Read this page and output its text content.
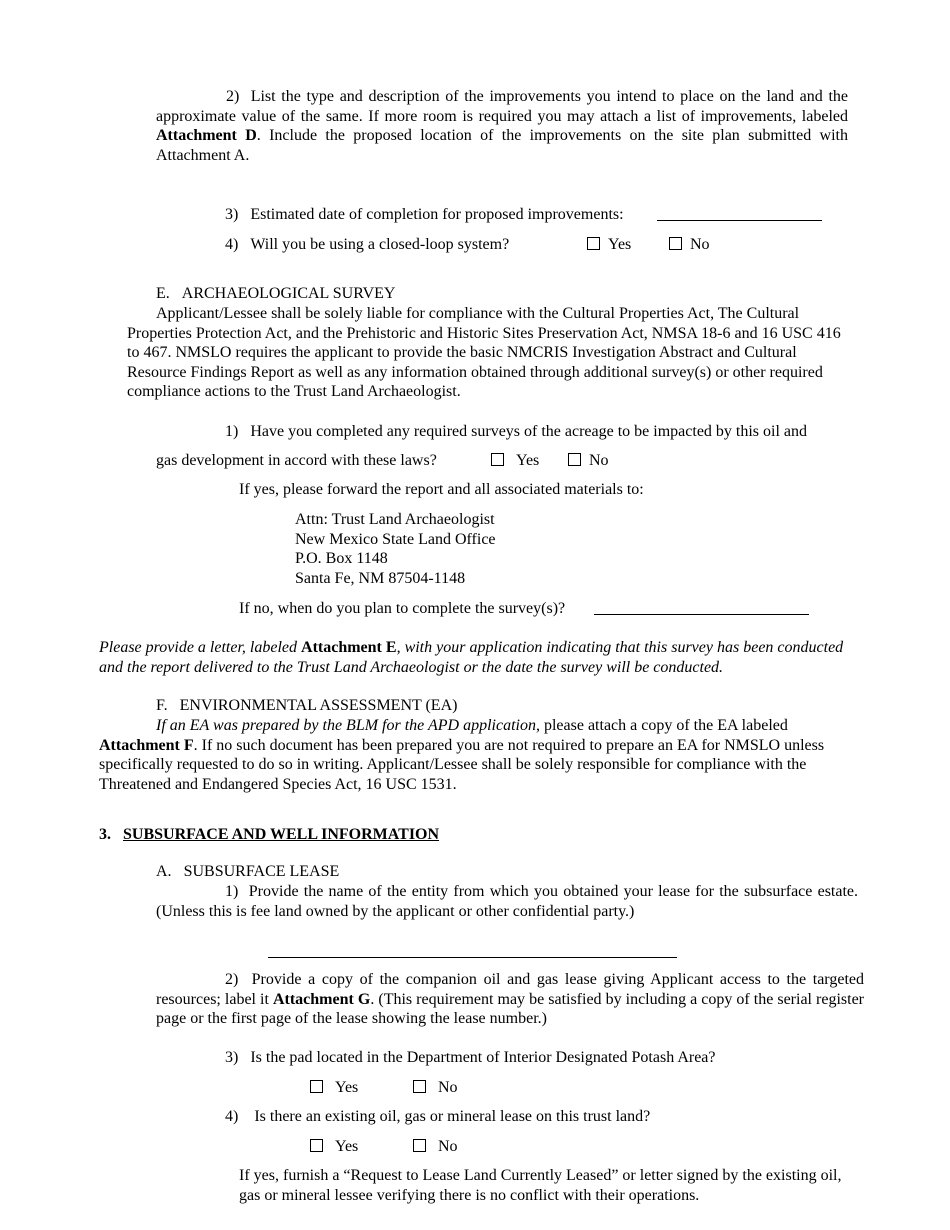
2) List the type and description of the improvements you intend to place on the land and the approximate value of the same. If more room is required you may attach a list of improvements, labeled Attachment D. Include the proposed location of the improvements on the site plan submitted with Attachment A.
3) Estimated date of completion for proposed improvements:
4) Will you be using a closed-loop system?	Yes	No
E. ARCHAEOLOGICAL SURVEY
Applicant/Lessee shall be solely liable for compliance with the Cultural Properties Act, The Cultural Properties Protection Act, and the Prehistoric and Historic Sites Preservation Act, NMSA 18-6 and 16 USC 416 to 467. NMSLO requires the applicant to provide the basic NMCRIS Investigation Abstract and Cultural Resource Findings Report as well as any information obtained through additional survey(s) or other required compliance actions to the Trust Land Archaeologist.
1) Have you completed any required surveys of the acreage to be impacted by this oil and
gas development in accord with these laws?	Yes	No
If yes, please forward the report and all associated materials to:
Attn: Trust Land Archaeologist
New Mexico State Land Office
P.O. Box 1148
Santa Fe, NM 87504-1148
If no, when do you plan to complete the survey(s)?
Please provide a letter, labeled Attachment E, with your application indicating that this survey has been conducted and the report delivered to the Trust Land Archaeologist or the date the survey will be conducted.
F. ENVIRONMENTAL ASSESSMENT (EA)
If an EA was prepared by the BLM for the APD application, please attach a copy of the EA labeled Attachment F. If no such document has been prepared you are not required to prepare an EA for NMSLO unless specifically requested to do so in writing. Applicant/Lessee shall be solely responsible for compliance with the Threatened and Endangered Species Act, 16 USC 1531.
3. SUBSURFACE AND WELL INFORMATION
A. SUBSURFACE LEASE
1) Provide the name of the entity from which you obtained your lease for the subsurface estate. (Unless this is fee land owned by the applicant or other confidential party.)
2) Provide a copy of the companion oil and gas lease giving Applicant access to the targeted resources; label it Attachment G. (This requirement may be satisfied by including a copy of the serial register page or the first page of the lease showing the lease number.)
3) Is the pad located in the Department of Interior Designated Potash Area?
Yes	No
4) Is there an existing oil, gas or mineral lease on this trust land?
Yes	No
If yes, furnish a “Request to Lease Land Currently Leased” or letter signed by the existing oil, gas or mineral lessee verifying there is no conflict with their operations.
